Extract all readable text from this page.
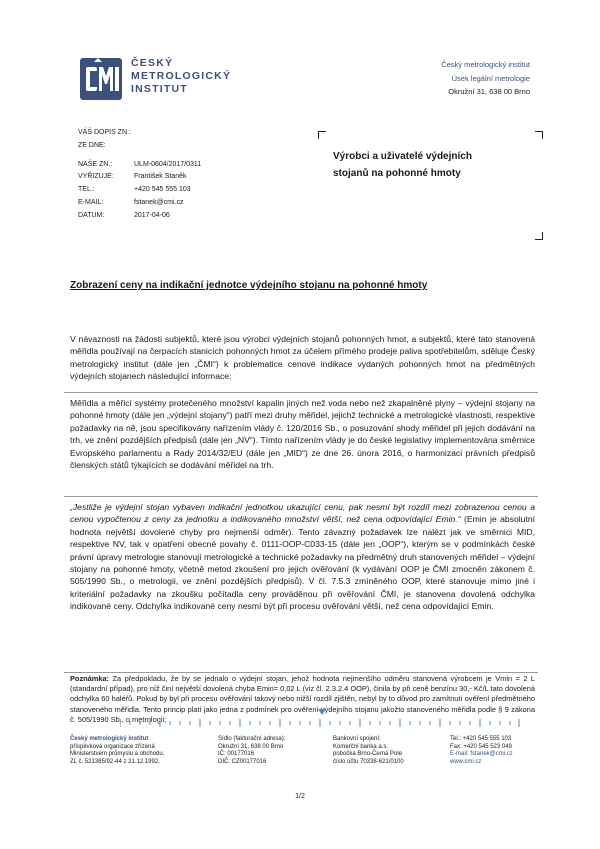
ČESKÝ
METROLOGICKÝ
INSTITUT
Český metrologický institut
Úsek legální metrologie
Okružní 31, 638 00 Brno
VÁŠ DOPIS ZN.:
ZE DNE:
NAŠE ZN.:	ULM-0604/2017/0311
VYŘIZUJE:	František Staněk
TEL.:	+420 545 555 103
E-MAIL:	fstanek@cmi.cz
DATUM:	2017-04-06
Výrobci a uživatelé výdejních
stojanů na pohonné hmoty
Zobrazení ceny na indikační jednotce výdejního stojanu na pohonné hmoty

V návaznosti na žádosti subjektů, které jsou výrobci výdejních stojanů pohonných hmot, a subjektů, které tato stanovená měřidla používají na čerpacích stanicích pohonných hmot za účelem přímého prodeje paliva spotřebitelům, sděluje Český metrologický institut (dále jen „ČMI“) k problematice cenové indikace vydaných pohonných hmot na předmětných výdejních stojanech následující informace:

Měřidla a měřicí systémy protečeného množství kapalin jiných než voda nebo než zkapalněné plyny – výdejní stojany na pohonné hmoty (dále jen „výdejní stojany“) patří mezi druhy měřidel, jejichž technické a metrologické vlastnosti, respektive požadavky na ně, jsou specifikovány nařízením vlády č. 120/2016 Sb., o posuzování shody měřidel při jejich dodávání na trh, ve znění pozdějších předpisů (dále jen „NV“). Tímto nařízením vlády je do české legislativy implementována směrnice Evropského parlamentu a Rady 2014/32/EU (dále jen „MID“) ze dne 26. února 2016, o harmonizaci právních předpisů členských států týkajících se dodávání měřidel na trh.

„Jestliže je výdejní stojan vybaven indikační jednotkou ukazující cenu, pak nesmí být rozdíl mezi zobrazenou cenou a cenou vypočtenou z ceny za jednotku a indikovaného množství větší, než cena odpovídající Emin.“ (Emin je absolutní hodnota největší dovolené chyby pro nejmenší odměr). Tento závazný požadavek lze nalézt jak ve směrnici MID, respektive NV, tak v opatření obecné povahy č. 0111-OOP-C033-15 (dále jen „OOP“), kterým se v podmínkách české právní úpravy metrologie stanovují metrologické a technické požadavky na předmětný druh stanovených měřidel – výdejní stojany na pohonné hmoty, včetně metod zkoušení pro jejich ověřování (k vydávání OOP je ČMI zmocněn zákonem č. 505/1990 Sb., o metrologii, ve znění pozdějších předpisů). V čl. 7.5.3 zmíněného OOP, které stanovuje mimo jiné i kriteriální požadavky na zkoušku počítadla ceny prováděnou při ověřování ČMI, je stanovena dovolená odchylka indikované ceny. Odchylka indikované ceny nesmí být při procesu ověřování větší, než cena odpovídající Emin.

Poznámka: Za předpokladu, že by se jednalo o výdejní stojan, jehož hodnota nejmenšího odměru stanovená výrobcem je Vmin = 2 L (standardní případ), pro níž činí největší dovolená chyba Emin= 0,02 L (viz čl. 2.3.2.4 OOP), činila by při ceně benzínu 30,- Kč/L tato dovolená odchylka 60 haléřů. Pokud by byl při procesu ověřování takový nebo nižší rozdíl zjištěn, nebyl by to důvod pro zamítnutí ověření předmětného stanoveného měřidla. Tento princip platí jako jedna z podmínek pro ověření výdejního stojanu jakožto stanoveného měřidla podle § 9 zákona č. 505/1990 Sb., o metrologii;

Český metrologický institut
příspěvková organizace zřízená
Ministerstvem průmyslu a obchodu,
ZL č. 521385/92-44 z 21.12.1992,
Sídlo (fakturační adresa):
Okružní 31, 638 00 Brno
IČ: 00177016
DIČ: CZ00177016
Bankovní spojení:
Komerční banka a.s.
pobočka Brno-Černá Pole
číslo účtu 70338-621/0100
Tel.: +420 545 555 103
Fax: +420 545 523 049
E-mail: fstanek@cmi.cz
www.cmi.cz
1/2
